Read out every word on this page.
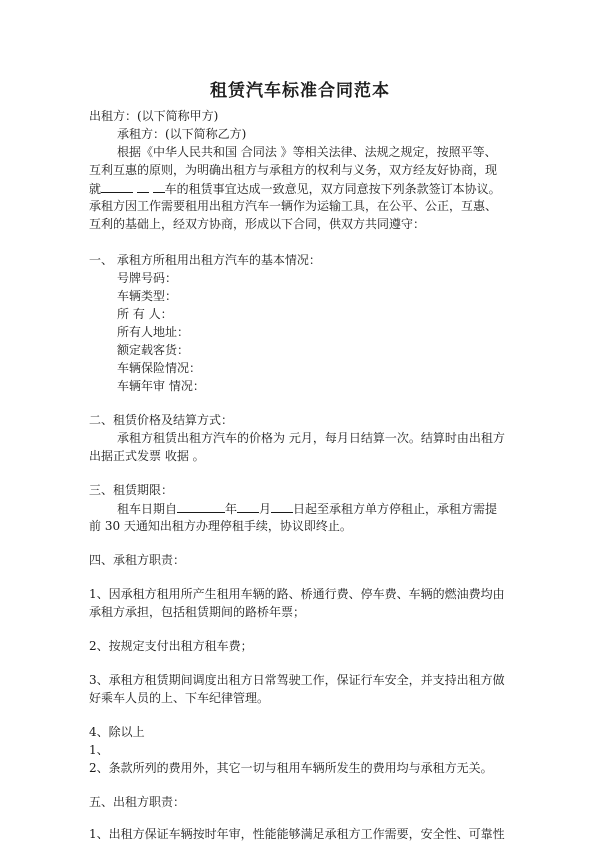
租赁汽车标准合同范本
出租方：(以下简称甲方)
承租方：(以下简称乙方)
根据《中华人民共和国 合同法 》等相关法律、法规之规定，按照平等、
互利互惠的原则，为明确出租方与承租方的权利与义务，双方经友好协商，现
就	车的租赁事宜达成一致意见，双方同意按下列条款签订本协议。
承租方因工作需要租用出租方汽车一辆作为运输工具，在公平、公正，互惠、
互利的基础上，经双方协商，形成以下合同，供双方共同遵守：
一、 承租方所租用出租方汽车的基本情况：
号牌号码：
车辆类型：
所 有 人：
所有人地址：
额定载客货：
车辆保险情况：
车辆年审 情况：
二、租赁价格及结算方式：
承租方租赁出租方汽车的价格为 元月，每月日结算一次。结算时由出租方
出据正式发票 收据 。
三、租赁期限：
租车日期自	年 月 日起至承租方单方停租止，承租方需提
前 30 天通知出租方办理停租手续，协议即终止。
四、承租方职责：
1、因承租方租用所产生租用车辆的路、桥通行费、停车费、车辆的燃油费均由
承租方承担，包括租赁期间的路桥年票；
2、按规定支付出租方租车费；
3、承租方租赁期间调度出租方日常驾驶工作，保证行车安全，并支持出租方做
好乘车人员的上、下车纪律管理。
4、除以上
1、
2、条款所列的费用外，其它一切与租用车辆所发生的费用均与承租方无关。
五、出租方职责：
1、出租方保证车辆按时年审，性能能够满足承租方工作需要，安全性、可靠性
